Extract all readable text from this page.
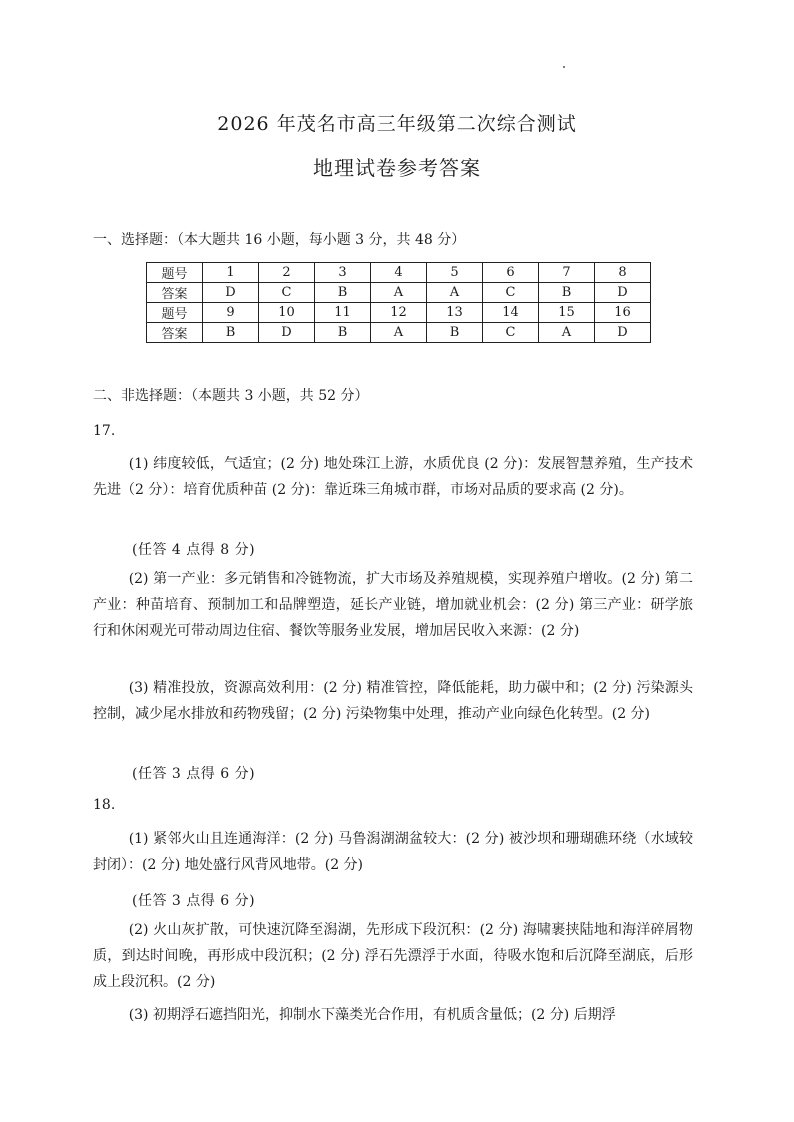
2026 年茂名市高三年级第二次综合测试
地理试卷参考答案
一、选择题：（本大题共 16 小题，每小题 3 分，共 48 分）
题号	1	2	3	4	5	6	7	8
答案	D	C	B	A	A	C	B	D
题号	9	10	11	12	13	14	15	16
答案	B	D	B	A	B	C	A	D
二、非选择题：（本题共 3 小题，共 52 分）
17.

(1) 纬度较低，气适宜；(2 分) 地处珠江上游，水质优良 (2 分)：发展智慧养殖，生产技术先进（2 分）：培育优质种苗 (2 分)：靠近珠三角城市群，市场对品质的要求高 (2 分)。

(任答 4 点得 8 分)

(2) 第一产业：多元销售和冷链物流，扩大市场及养殖规模，实现养殖户增收。(2 分) 第二产业：种苗培育、预制加工和品牌塑造，延长产业链，增加就业机会：(2 分) 第三产业：研学旅行和休闲观光可带动周边住宿、餐饮等服务业发展，增加居民收入来源：(2 分)

(3) 精准投放，资源高效利用：(2 分) 精准管控，降低能耗，助力碳中和；(2 分) 污染源头控制，减少尾水排放和药物残留；(2 分) 污染物集中处理，推动产业向绿色化转型。(2 分)

(任答 3 点得 6 分)
18.

(1) 紧邻火山且连通海洋：(2 分) 马鲁潟湖湖盆较大：(2 分) 被沙坝和珊瑚礁环绕（水域较封闭）：(2 分) 地处盛行风背风地带。(2 分)

(任答 3 点得 6 分)

(2) 火山灰扩散，可快速沉降至潟湖，先形成下段沉积：(2 分) 海啸裹挟陆地和海洋碎屑物质，到达时间晚，再形成中段沉积；(2 分) 浮石先漂浮于水面，待吸水饱和后沉降至湖底，后形成上段沉积。(2 分)

(3) 初期浮石遮挡阳光，抑制水下藻类光合作用，有机质含量低；(2 分) 后期浮
